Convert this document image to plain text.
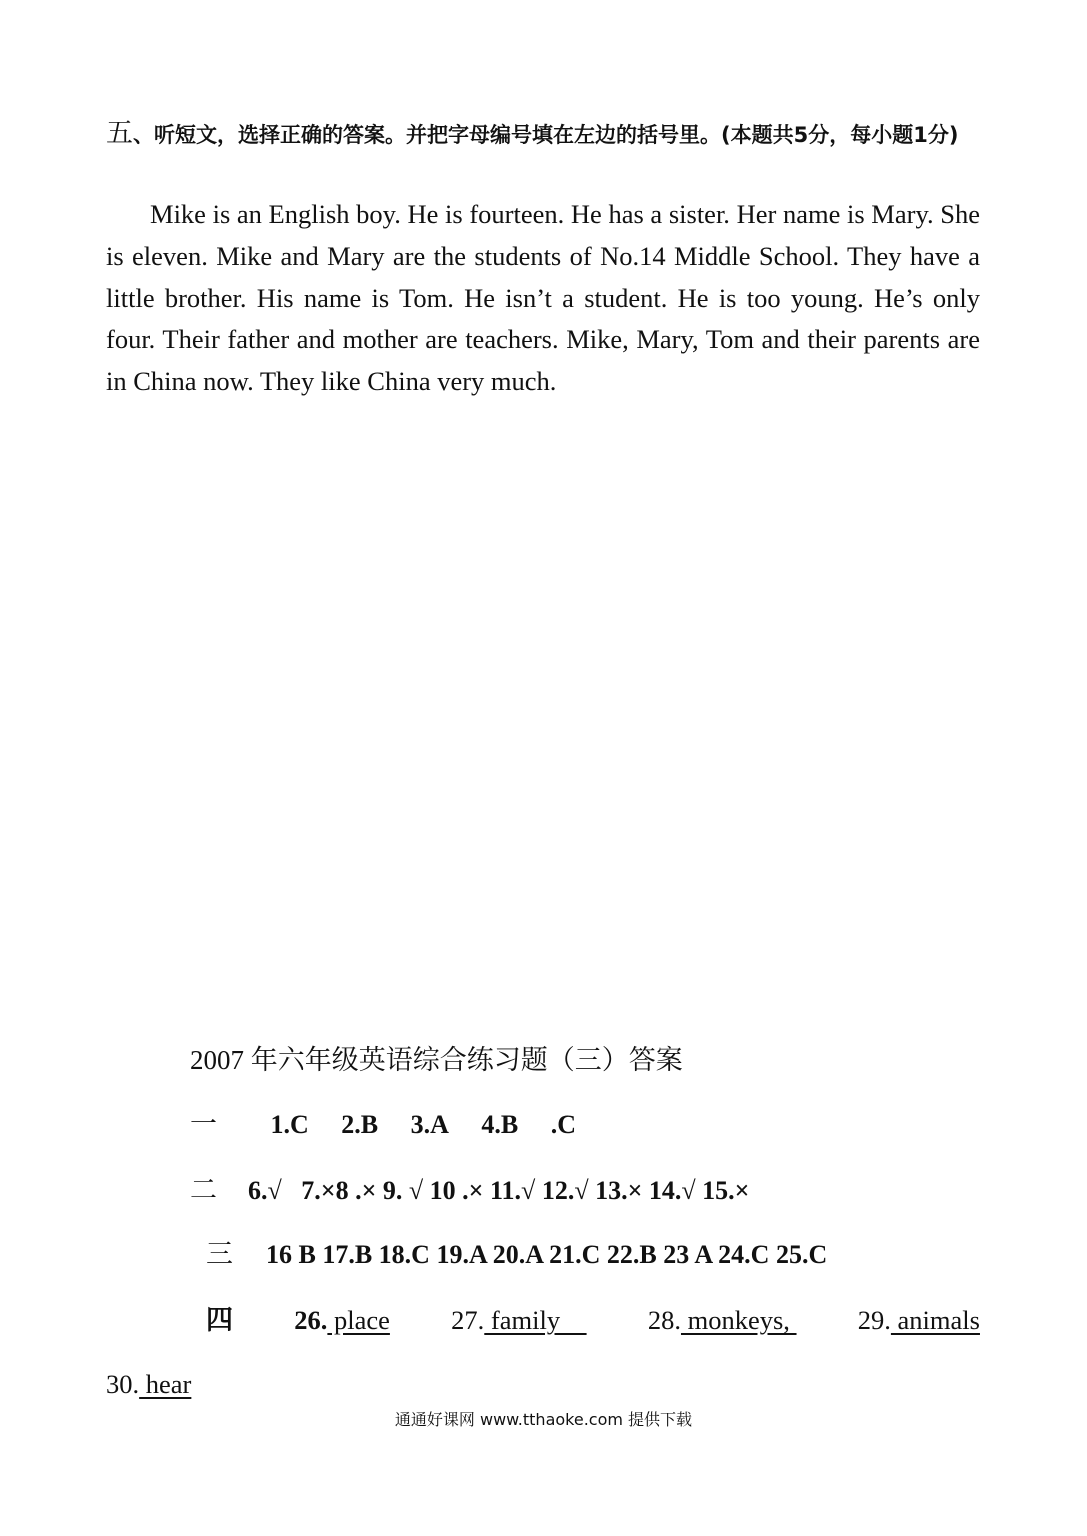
五、听短文，选择正确的答案。并把字母编号填在左边的括号里。(本题共5分，每小题1分)
Mike is an English boy. He is fourteen. He has a sister. Her name is Mary. She is eleven. Mike and Mary are the students of No.14 Middle School. They have a little brother. His name is Tom. He isn’t a student. He is too young. He’s only four. Their father and mother are teachers. Mike, Mary, Tom and their parents are in China now. They like China very much.
2007 年六年级英语综合练习题（三）答案
一 1.C 2.B 3.A 4.B .C
二 6.√   7.×8 .× 9. √ 10 .× 11.√ 12.√ 13.× 14.√ 15.×
三 16 B 17.B 18.C 19.A 20.A 21.C 22.B 23 A 24.C 25.C
四 26. place 27. family 28. monkeys, 29. animals
30. hear
通通好课网 www.tthaoke.com 提供下载
